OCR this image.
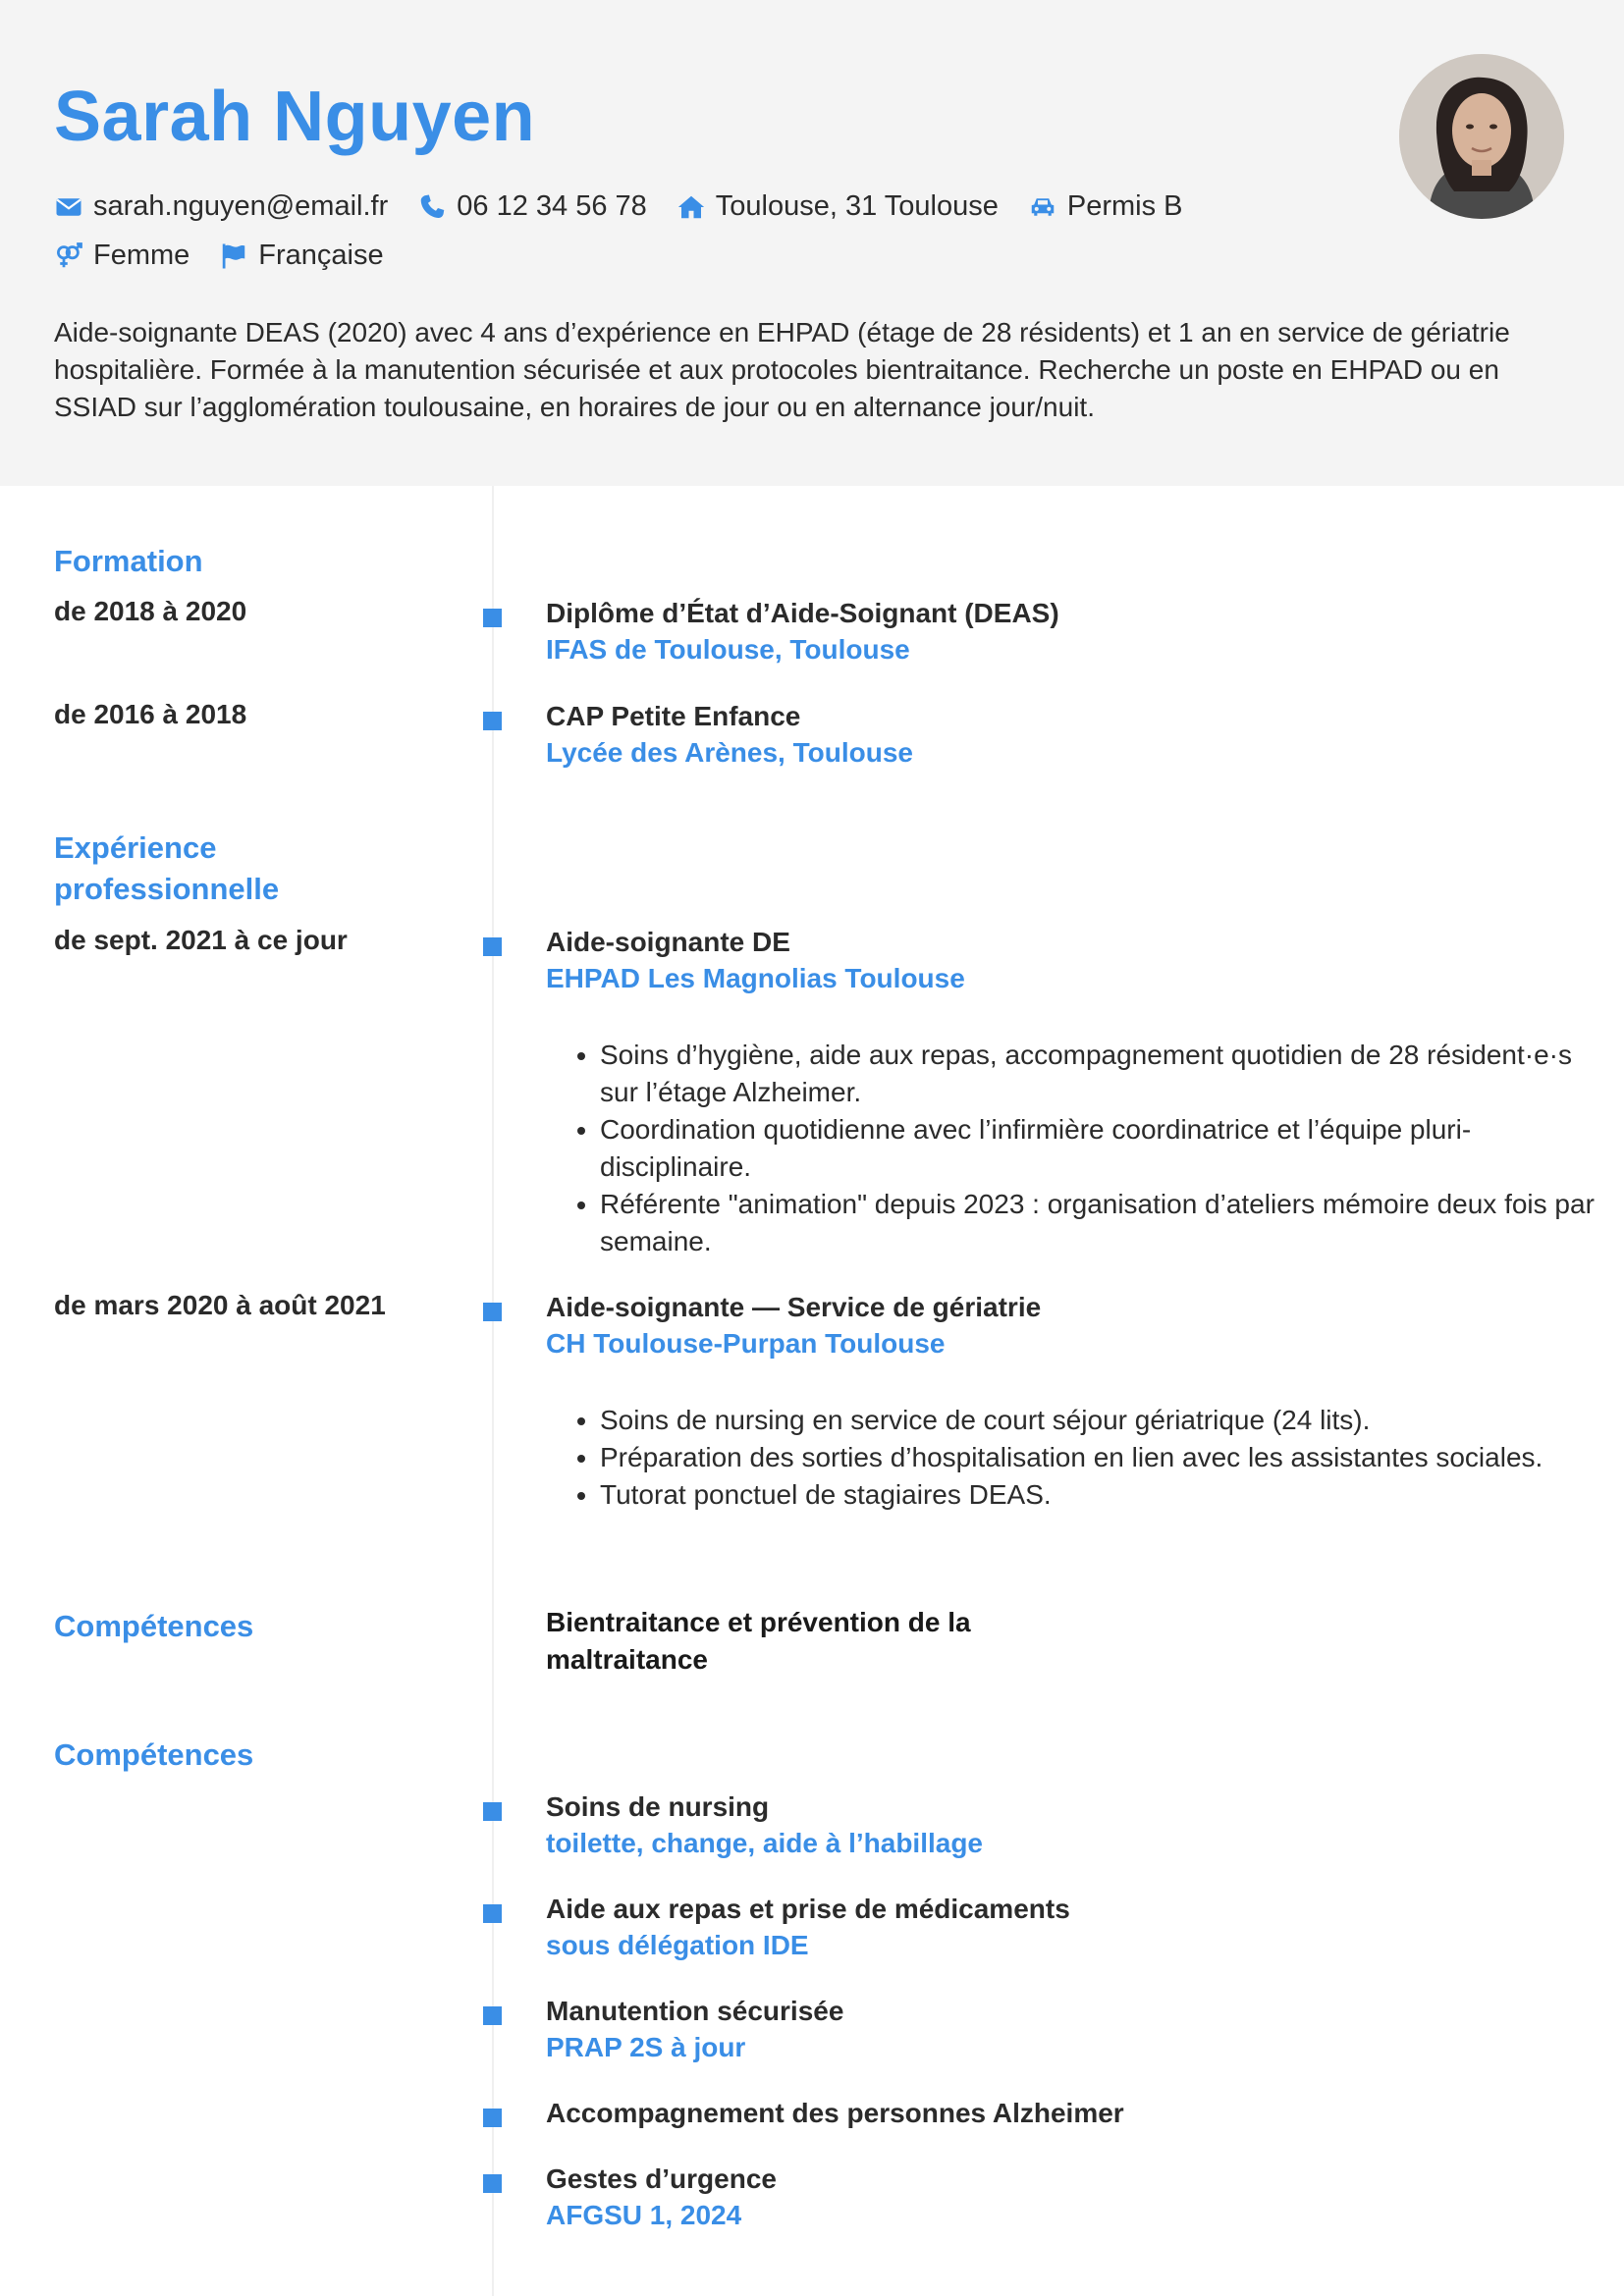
Sarah Nguyen
sarah.nguyen@email.fr 06 12 34 56 78 Toulouse, 31 Toulouse Permis B
Femme Française
Aide-soignante DEAS (2020) avec 4 ans d’expérience en EHPAD (étage de 28 résidents) et 1 an en service de gériatrie hospitalière. Formée à la manutention sécurisée et aux protocoles bientraitance. Recherche un poste en EHPAD ou en SSIAD sur l’agglomération toulousaine, en horaires de jour ou en alternance jour/nuit.
Formation
de 2018 à 2020	Diplôme d’État d’Aide-Soignant (DEAS)
IFAS de Toulouse, Toulouse
de 2016 à 2018	CAP Petite Enfance
Lycée des Arènes, Toulouse
Expérience professionnelle
de sept. 2021 à ce jour	Aide-soignante DE
EHPAD Les Magnolias Toulouse
• Soins d’hygiène, aide aux repas, accompagnement quotidien de 28 résident·e·s sur l’étage Alzheimer.
• Coordination quotidienne avec l’infirmière coordinatrice et l’équipe pluri-disciplinaire.
• Référente "animation" depuis 2023 : organisation d’ateliers mémoire deux fois par semaine.
de mars 2020 à août 2021	Aide-soignante — Service de gériatrie
CH Toulouse-Purpan Toulouse
• Soins de nursing en service de court séjour gériatrique (24 lits).
• Préparation des sorties d’hospitalisation en lien avec les assistantes sociales.
• Tutorat ponctuel de stagiaires DEAS.
Compétences	Bientraitance et prévention de la maltraitance
Compétences
Soins de nursing
toilette, change, aide à l’habillage
Aide aux repas et prise de médicaments
sous délégation IDE
Manutention sécurisée
PRAP 2S à jour
Accompagnement des personnes Alzheimer
Gestes d’urgence
AFGSU 1, 2024
